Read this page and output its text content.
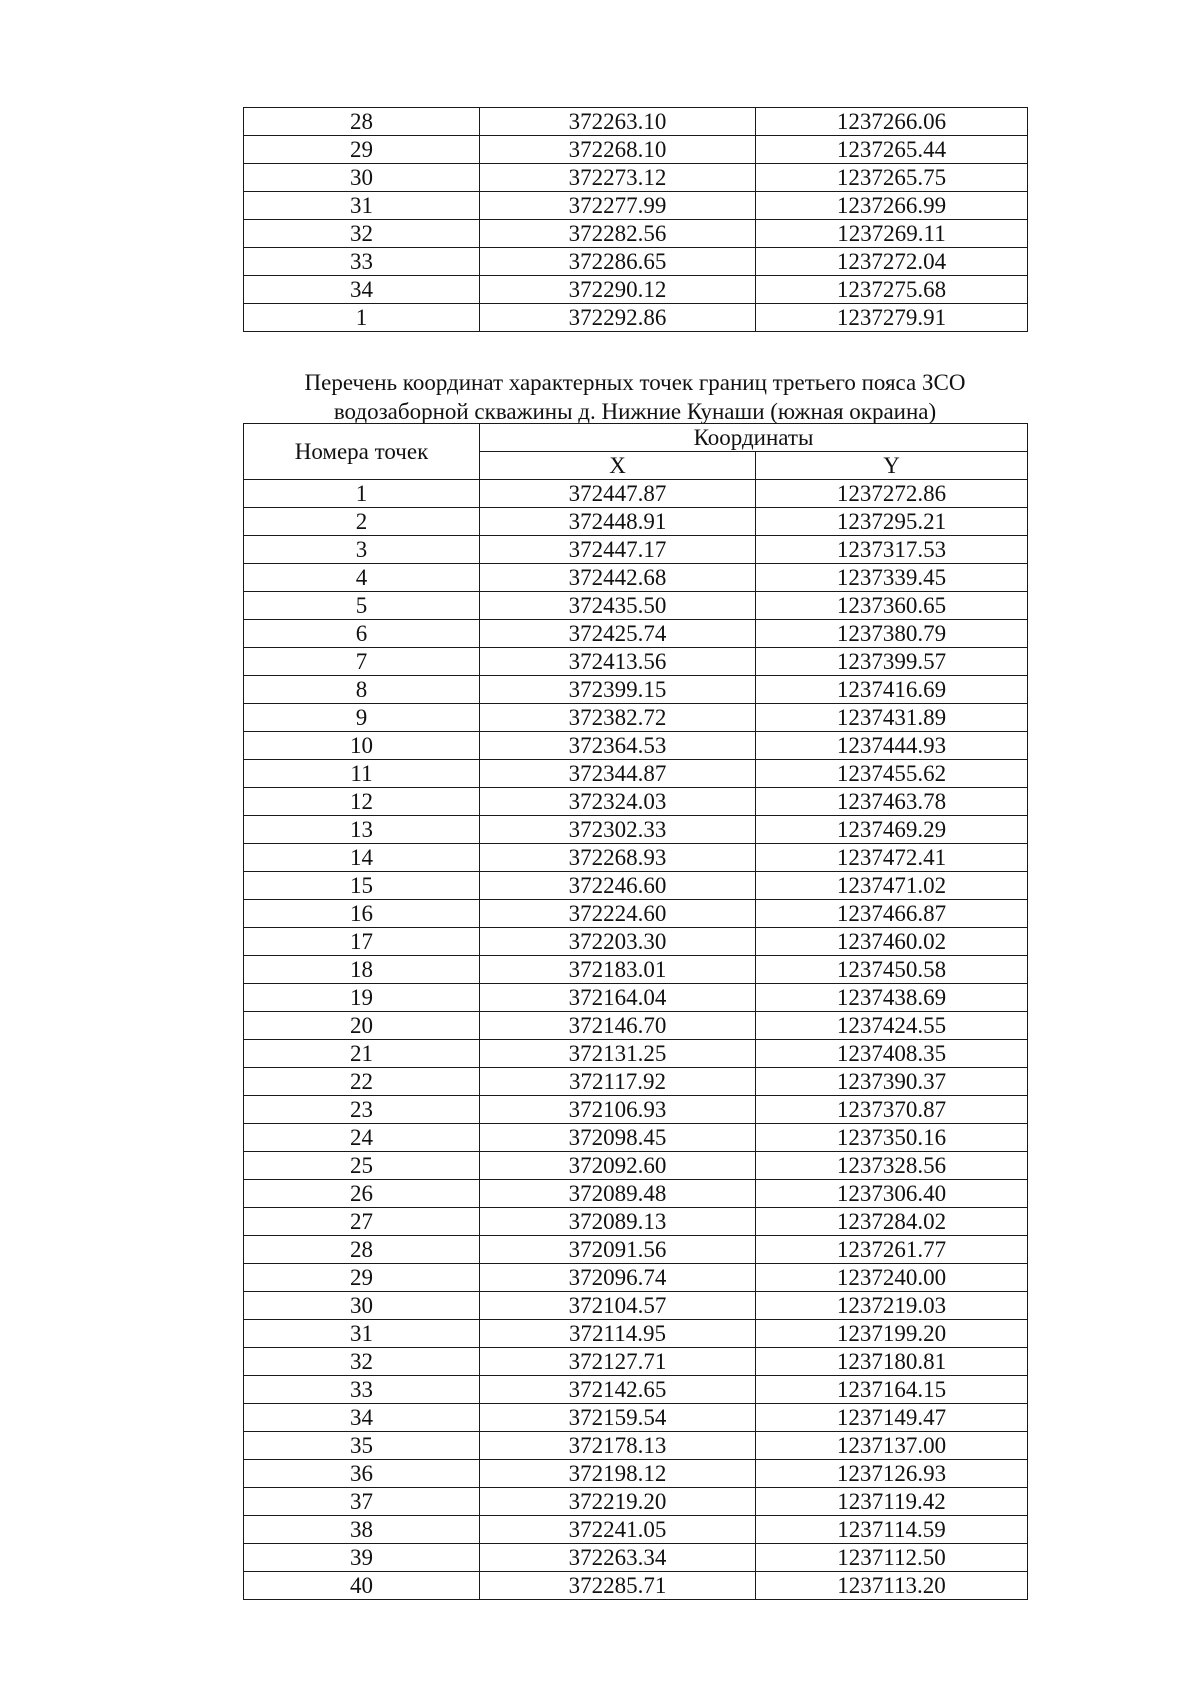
28	372263.10	1237266.06
29	372268.10	1237265.44
30	372273.12	1237265.75
31	372277.99	1237266.99
32	372282.56	1237269.11
33	372286.65	1237272.04
34	372290.12	1237275.68
1	372292.86	1237279.91
Перечень координат характерных точек границ третьего пояса ЗСО
водозаборной скважины д. Нижние Кунаши (южная окраина)
Номера точек	Координаты	
	X	Y
1	372447.87	1237272.86
2	372448.91	1237295.21
3	372447.17	1237317.53
4	372442.68	1237339.45
5	372435.50	1237360.65
6	372425.74	1237380.79
7	372413.56	1237399.57
8	372399.15	1237416.69
9	372382.72	1237431.89
10	372364.53	1237444.93
11	372344.87	1237455.62
12	372324.03	1237463.78
13	372302.33	1237469.29
14	372268.93	1237472.41
15	372246.60	1237471.02
16	372224.60	1237466.87
17	372203.30	1237460.02
18	372183.01	1237450.58
19	372164.04	1237438.69
20	372146.70	1237424.55
21	372131.25	1237408.35
22	372117.92	1237390.37
23	372106.93	1237370.87
24	372098.45	1237350.16
25	372092.60	1237328.56
26	372089.48	1237306.40
27	372089.13	1237284.02
28	372091.56	1237261.77
29	372096.74	1237240.00
30	372104.57	1237219.03
31	372114.95	1237199.20
32	372127.71	1237180.81
33	372142.65	1237164.15
34	372159.54	1237149.47
35	372178.13	1237137.00
36	372198.12	1237126.93
37	372219.20	1237119.42
38	372241.05	1237114.59
39	372263.34	1237112.50
40	372285.71	1237113.20
